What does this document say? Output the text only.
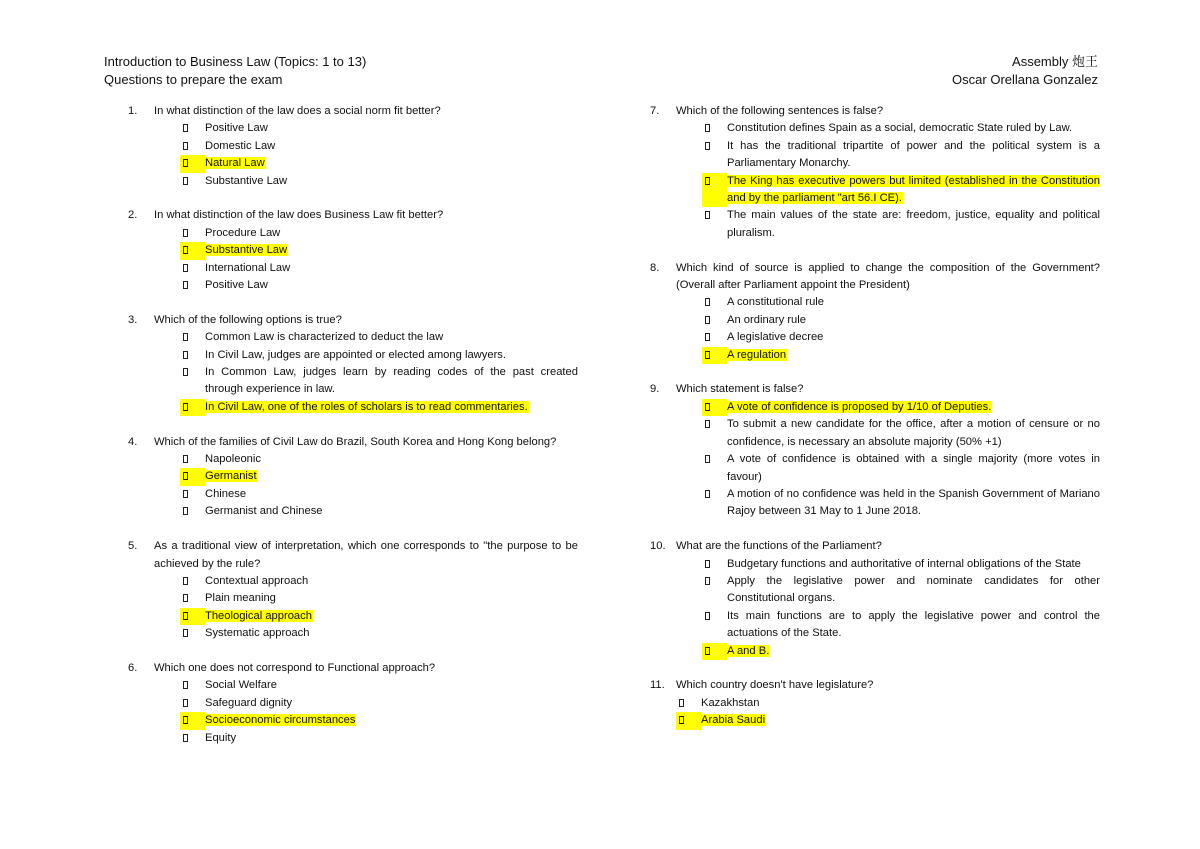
Introduction to Business Law (Topics: 1 to 13)
Questions to prepare the exam
Assembly 炮王
Oscar Orellana Gonzalez
1.	In what distinction of the law does a social norm fit better?
Positive Law
Domestic Law
Natural Law
Substantive Law
2.	In what distinction of the law does Business Law fit better?
Procedure Law
Substantive Law
International Law
Positive Law
3.	Which of the following options is true?
Common Law is characterized to deduct the law
In Civil Law, judges are appointed or elected among lawyers.
In Common Law, judges learn by reading codes of the past created through experience in law.
In Civil Law, one of the roles of scholars is to read commentaries.
4.	Which of the families of Civil Law do Brazil, South Korea and Hong Kong belong?
Napoleonic
Germanist
Chinese
Germanist and Chinese
5.	As a traditional view of interpretation, which one corresponds to "the purpose to be achieved by the rule?
Contextual approach
Plain meaning
Theological approach
Systematic approach
6.	Which one does not correspond to Functional approach?
Social Welfare
Safeguard dignity
Socioeconomic circumstances
Equity
7.	Which of the following sentences is false?
Constitution defines Spain as a social, democratic State ruled by Law.
It has the traditional tripartite of power and the political system is a Parliamentary Monarchy.
The King has executive powers but limited (established in the Constitution and by the parliament "art 56.I CE).
The main values of the state are: freedom, justice, equality and political pluralism.
8.	Which kind of source is applied to change the composition of the Government? (Overall after Parliament appoint the President)
A constitutional rule
An ordinary rule
A legislative decree
A regulation
9.	Which statement is false?
A vote of confidence is proposed by 1/10 of Deputies.
To submit a new candidate for the office, after a motion of censure or no confidence, is necessary an absolute majority (50% +1)
A vote of confidence is obtained with a single majority (more votes in favour)
A motion of no confidence was held in the Spanish Government of Mariano Rajoy between 31 May to 1 June 2018.
10. What are the functions of the Parliament?
Budgetary functions and authoritative of internal obligations of the State
Apply the legislative power and nominate candidates for other Constitutional organs.
Its main functions are to apply the legislative power and control the actuations of the State.
A and B.
11.	Which country doesn't have legislature?
Kazakhstan
Arabia Saudi
